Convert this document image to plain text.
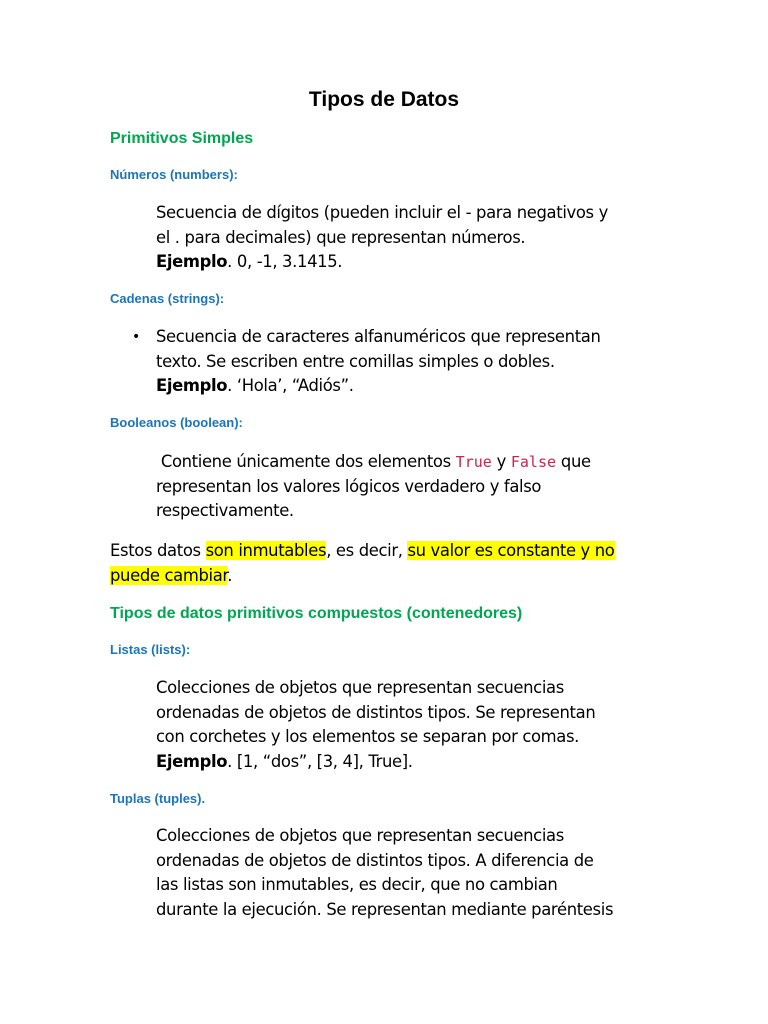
Tipos de Datos
Primitivos Simples
Números (numbers):

Secuencia de dígitos (pueden incluir el - para negativos y
el . para decimales) que representan números.
Ejemplo. 0, -1, 3.1415.

Cadenas (strings):
• Secuencia de caracteres alfanuméricos que representan
texto. Se escriben entre comillas simples o dobles.
Ejemplo. ‘Hola’, “Adiós”.

Booleanos (boolean):

Contiene únicamente dos elementos True y False que
representan los valores lógicos verdadero y falso
respectivamente.

Estos datos son inmutables, es decir, su valor es constante y no
puede cambiar.

Tipos de datos primitivos compuestos (contenedores)
Listas (lists):

Colecciones de objetos que representan secuencias
ordenadas de objetos de distintos tipos. Se representan
con corchetes y los elementos se separan por comas.
Ejemplo. [1, “dos”, [3, 4], True].

Tuplas (tuples).

Colecciones de objetos que representan secuencias
ordenadas de objetos de distintos tipos. A diferencia de
las listas son inmutables, es decir, que no cambian
durante la ejecución. Se representan mediante paréntesis
